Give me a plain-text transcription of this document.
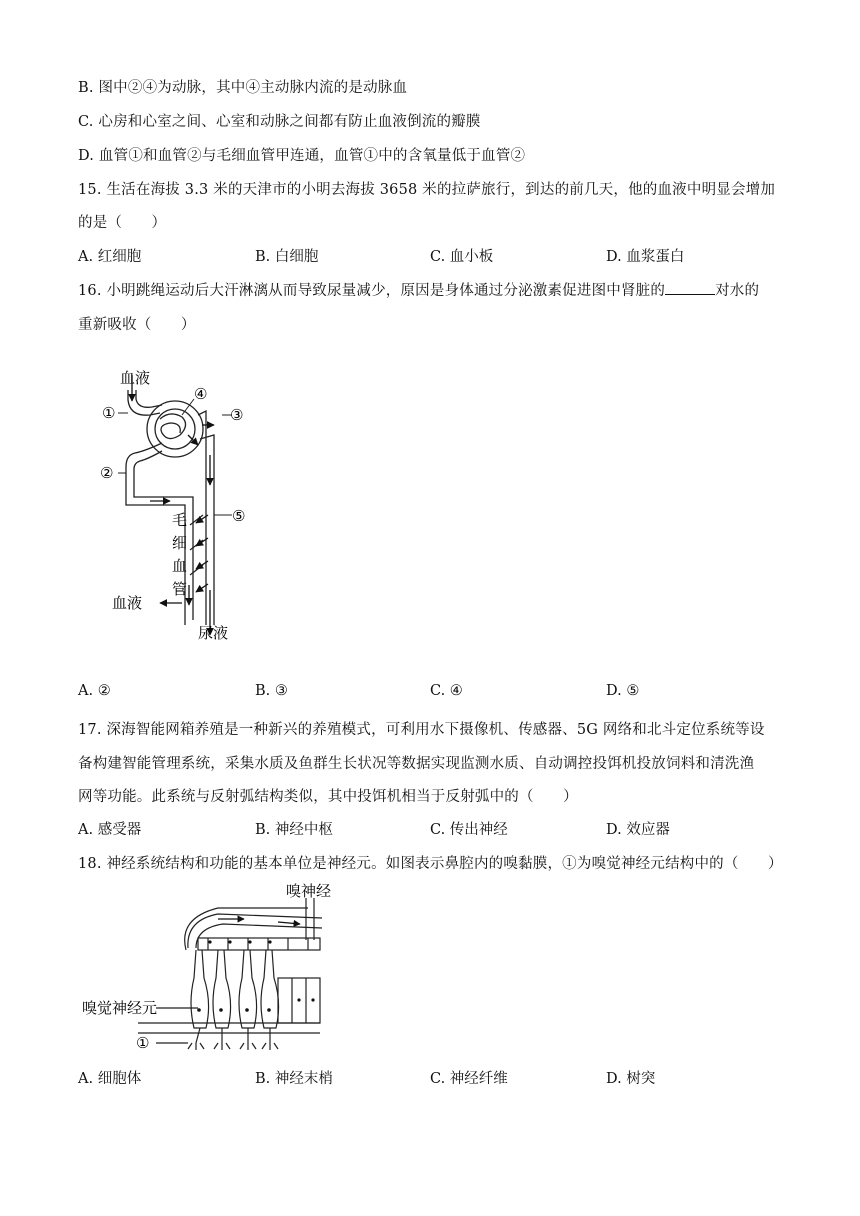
B. 图中②④为动脉，其中④主动脉内流的是动脉血
C. 心房和心室之间、心室和动脉之间都有防止血液倒流的瓣膜
D. 血管①和血管②与毛细血管甲连通，血管①中的含氧量低于血管②
15. 生活在海拔 3.3 米的天津市的小明去海拔 3658 米的拉萨旅行，到达的前几天，他的血液中明显会增加
的是（　　）
A. 红细胞	B. 白细胞	C. 血小板	D. 血浆蛋白
16. 小明跳绳运动后大汗淋漓从而导致尿量减少，原因是身体通过分泌激素促进图中肾脏的	对水的
重新吸收（　　）
血液
①
②
③
④
⑤
毛
细
血
管
血液
尿液
A. ②	B. ③	C. ④	D. ⑤
17. 深海智能网箱养殖是一种新兴的养殖模式，可利用水下摄像机、传感器、5G 网络和北斗定位系统等设
备构建智能管理系统，采集水质及鱼群生长状况等数据实现监测水质、自动调控投饵机投放饲料和清洗渔
网等功能。此系统与反射弧结构类似，其中投饵机相当于反射弧中的（　　）
A. 感受器	B. 神经中枢	C. 传出神经	D. 效应器
18. 神经系统结构和功能的基本单位是神经元。如图表示鼻腔内的嗅黏膜，①为嗅觉神经元结构中的（　　）
嗅神经
嗅觉神经元
①
A. 细胞体	B. 神经末梢	C. 神经纤维	D. 树突
